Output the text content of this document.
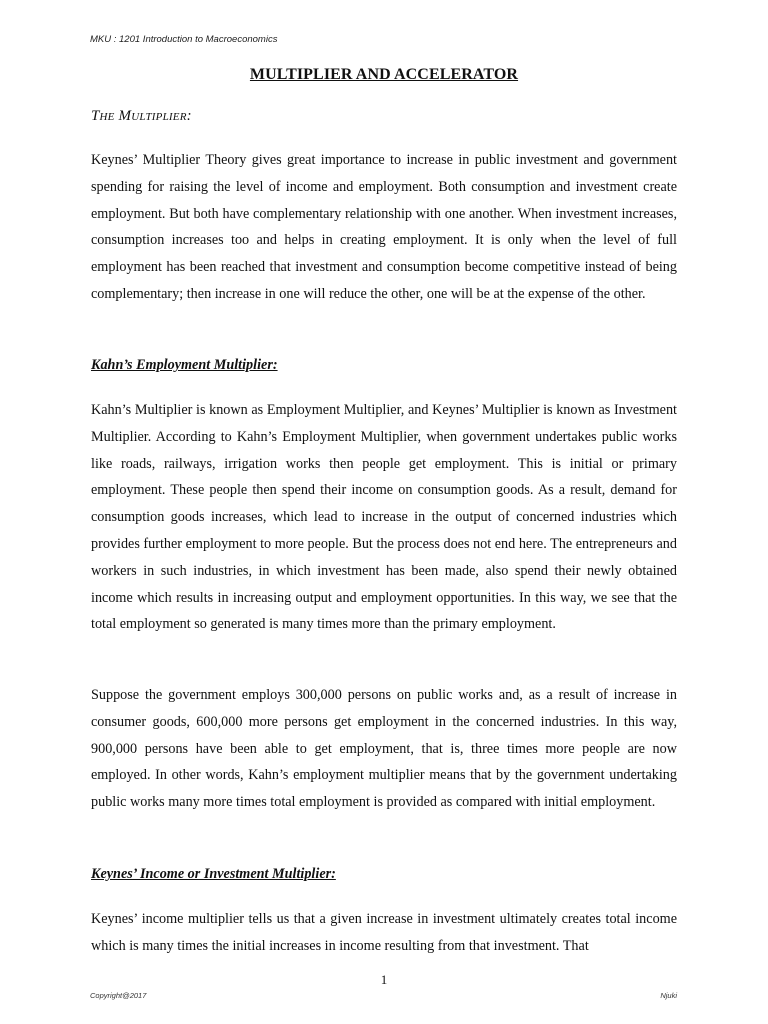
MKU : 1201 Introduction to Macroeconomics
MULTIPLIER AND ACCELERATOR
The Multiplier:

Keynes’ Multiplier Theory gives great importance to increase in public investment and government spending for raising the level of income and employment. Both consumption and investment create employment. But both have complementary relationship with one another. When investment increases, consumption increases too and helps in creating employment. It is only when the level of full employment has been reached that investment and consumption become competitive instead of being complementary; then increase in one will reduce the other, one will be at the expense of the other.

Kahn’s Employment Multiplier:

Kahn’s Multiplier is known as Employment Multiplier, and Keynes’ Multiplier is known as Investment Multiplier. According to Kahn’s Employment Multiplier, when government undertakes public works like roads, railways, irrigation works then people get employment. This is initial or primary employment. These people then spend their income on consumption goods. As a result, demand for consumption goods increases, which lead to increase in the output of concerned industries which provides further employment to more people. But the process does not end here. The entrepreneurs and workers in such industries, in which investment has been made, also spend their newly obtained income which results in increasing output and employment opportunities. In this way, we see that the total employment so generated is many times more than the primary employment.

Suppose the government employs 300,000 persons on public works and, as a result of increase in consumer goods, 600,000 more persons get employment in the concerned industries. In this way, 900,000 persons have been able to get employment, that is, three times more people are now employed. In other words, Kahn’s employment multiplier means that by the government undertaking public works many more times total employment is provided as compared with initial employment.

Keynes’ Income or Investment Multiplier:

Keynes’ income multiplier tells us that a given increase in investment ultimately creates total income which is many times the initial increases in income resulting from that investment. That

1
Copyright@2017	Njuki
